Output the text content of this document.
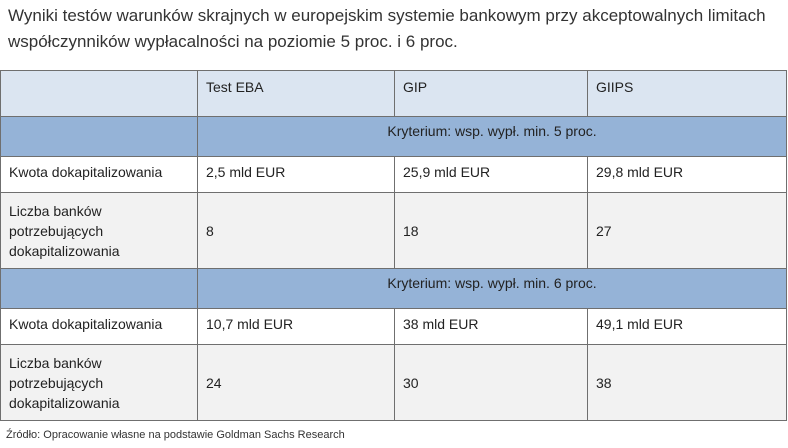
Wyniki testów warunków skrajnych w europejskim systemie bankowym przy akceptowalnych limitach współczynników wypłacalności na poziomie 5 proc. i 6 proc.

	Test EBA	GIP	GIIPS
	Kryterium: wsp. wypł. min. 5 proc.		
Kwota dokapitalizowania	2,5 mld EUR	25,9 mld EUR	29,8 mld EUR

Liczba banków
potrzebujących
dokapitalizowania	8	18	27
	Kryterium: wsp. wypł. min. 6 proc.		
Kwota dokapitalizowania	10,7 mld EUR	38 mld EUR	49,1 mld EUR

Liczba banków
potrzebujących
dokapitalizowania	24	30	38
Źródło: Opracowanie własne na podstawie Goldman Sachs Research
